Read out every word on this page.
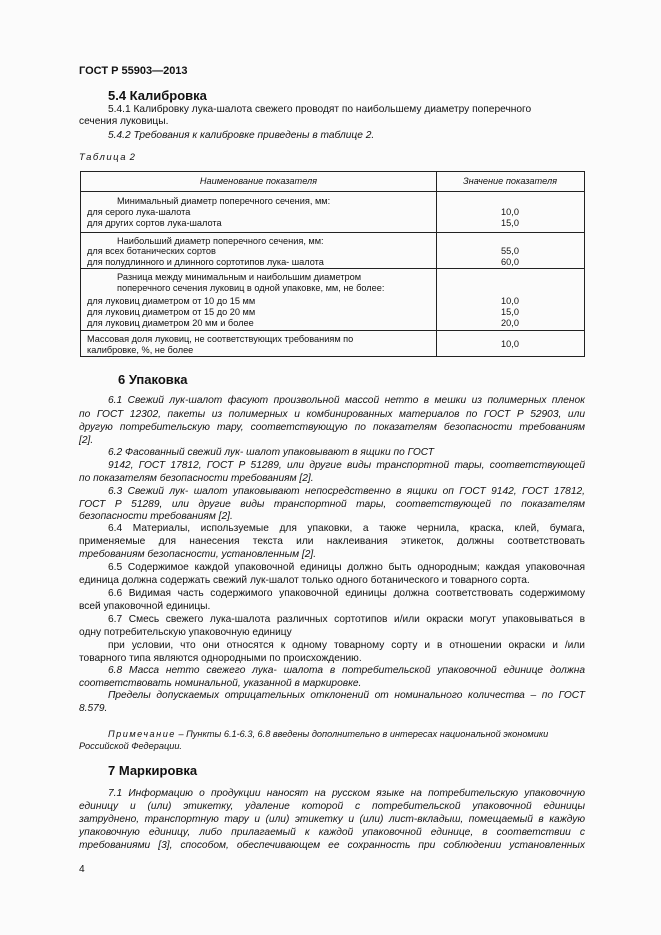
ГОСТ Р 55903—2013
5.4 Калибровка
5.4.1 Калибровку лука-шалота свежего проводят по наибольшему диаметру поперечного
сечения луковицы.
5.4.2 Требования к калибровке приведены в таблице 2.
Таблица 2
Наименование показателя	Значение показателя
Минимальный диаметр поперечного сечения, мм:
для серого лука-шалота
для других сортов лука-шалота
10,0
15,0
Наибольший диаметр поперечного сечения, мм:
для всех ботанических сортов
для полудлинного и длинного сортотипов лука- шалота
55,0
60,0
Разница между минимальным и наибольшим диаметром
поперечного сечения луковиц в одной упаковке, мм, не более:
для луковиц диаметром от 10 до 15 мм
для луковиц диаметром от 15 до 20 мм
для луковиц диаметром 20 мм и более
10,0
15,0
20,0
Массовая доля луковиц, не соответствующих требованиям по
калибровке, %, не более
10,0
6 Упаковка
6.1 Свежий лук-шалот фасуют произвольной массой нетто в мешки из полимерных пленок
по ГОСТ 12302, пакеты из полимерных и комбинированных материалов по ГОСТ Р 52903, или
другую потребительскую тару, соответствующую по показателям безопасности требованиям
[2].
6.2 Фасованный свежий лук- шалот упаковывают в ящики по ГОСТ
9142, ГОСТ 17812, ГОСТ Р 51289, или другие виды транспортной тары, соответствующей
по показателям безопасности требованиям [2].
6.3 Свежий лук- шалот упаковывают непосредственно в ящики оп ГОСТ 9142, ГОСТ 17812,
ГОСТ Р 51289, или другие виды транспортной тары, соответствующей по показателям
безопасности требованиям [2].
6.4 Материалы, используемые для упаковки, а также чернила, краска, клей, бумага,
применяемые для нанесения текста или наклеивания этикеток, должны соответствовать
требованиям безопасности, установленным [2].
6.5 Содержимое каждой упаковочной единицы должно быть однородным; каждая упаковочная
единица должна содержать свежий лук-шалот только одного ботанического и товарного сорта.
6.6 Видимая часть содержимого упаковочной единицы должна соответствовать содержимому
всей упаковочной единицы.
6.7 Смесь свежего лука-шалота различных сортотипов и/или окраски могут упаковываться в
одну потребительскую упаковочную единицу
при условии, что они относятся к одному товарному сорту и в отношении окраски и /или
товарного типа являются однородными по происхождению.
6.8 Масса нетто свежего лука- шалота в потребительской упаковочной единице должна
соответствовать номинальной, указанной в маркировке.
Пределы допускаемых отрицательных отклонений от номинального количества – по ГОСТ
8.579.
Примечание – Пункты 6.1-6.3, 6.8 введены дополнительно в интересах национальной экономики
Российской Федерации.
7 Маркировка
7.1 Информацию о продукции наносят на русском языке на потребительскую упаковочную
единицу и (или) этикетку, удаление которой с потребительской упаковочной единицы
затруднено, транспортную тару и (или) этикетку и (или) лист-вкладыш, помещаемый в каждую
упаковочную единицу, либо прилагаемый к каждой упаковочной единице, в соответствии с
требованиями [3], способом, обеспечивающем ее сохранность при соблюдении установленных
4
